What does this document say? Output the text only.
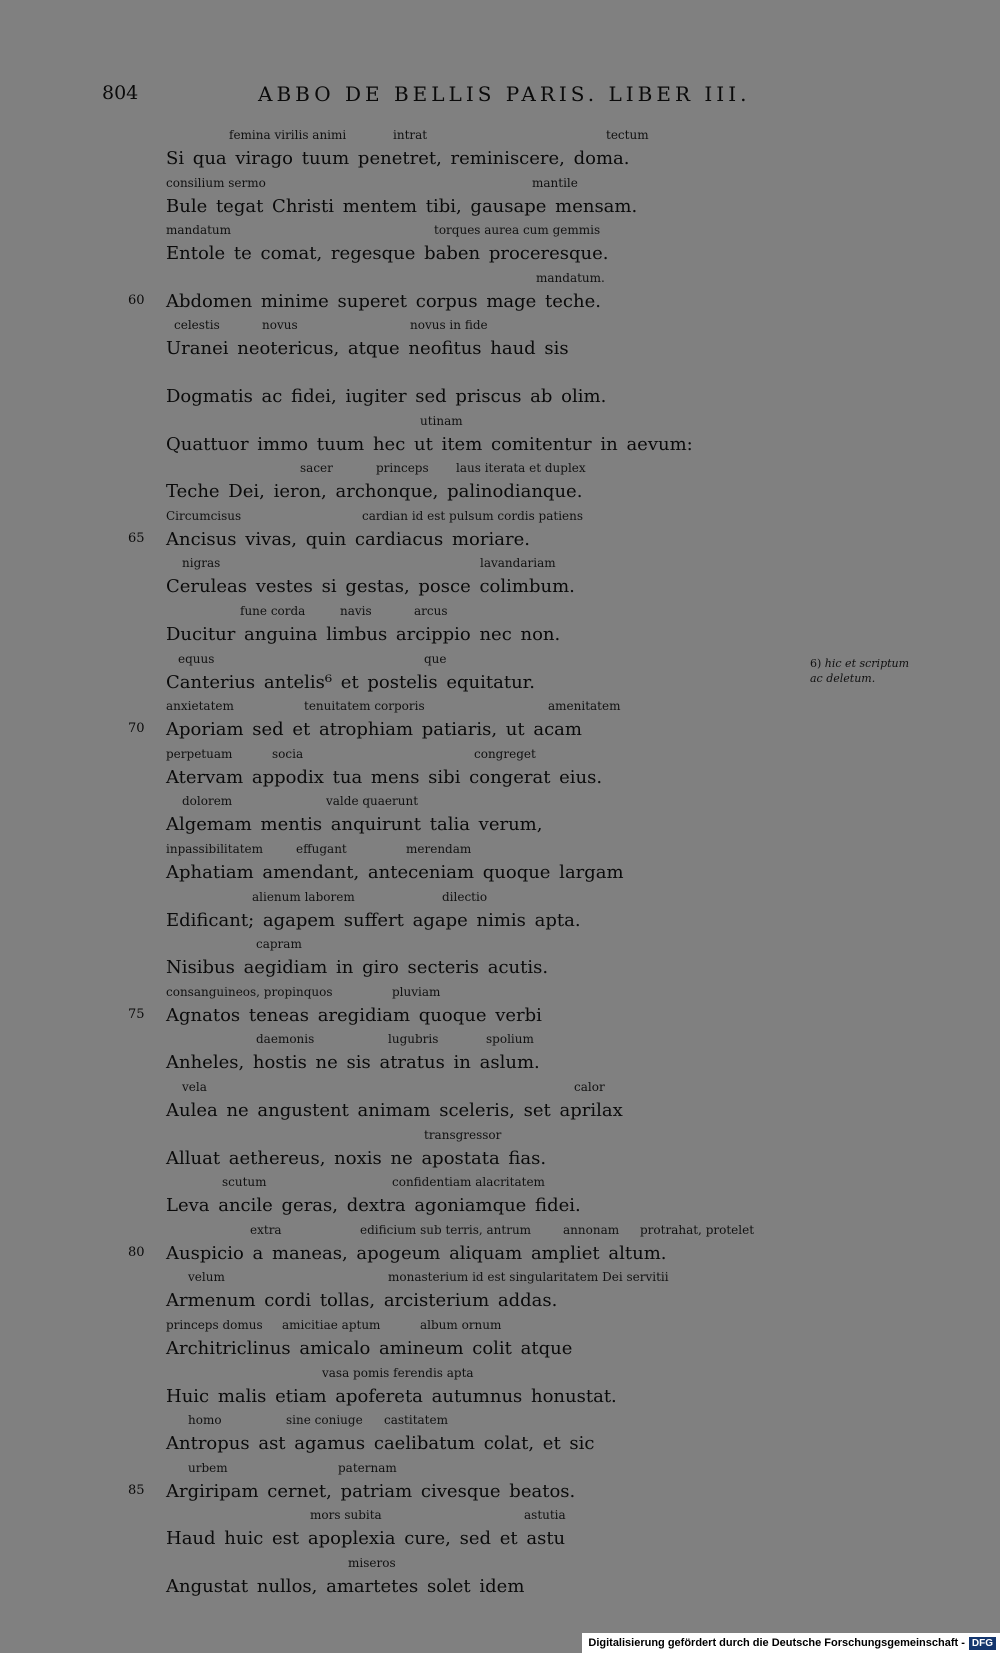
804	ABBO DE BELLIS PARIS. LIBER III.
femina virilis animi	intrat	tectum
Si qua virago tuum penetret, reminiscere, doma.
consilium sermo	mantile
Bule tegat Christi mentem tibi, gausape mensam.
mandatum	torques aurea cum gemmis
Entole te comat, regesque baben proceresque.
mandatum.
60 Abdomen minime superet corpus mage teche.
celestis	novus	novus in fide
Uranei neotericus, atque neofitus haud sis
Dogmatis ac fidei, iugiter sed priscus ab olim.
utinam
Quattuor immo tuum hec ut item comitentur in aevum:
sacer	princeps laus iterata et duplex
Teche Dei, ieron, archonque, palinodianque.
Circumcisus	cardian id est pulsum cordis patiens
65 Ancisus vivas, quin cardiacus moriare.
nigras	lavandariam
Ceruleas vestes si gestas, posce colimbum.
fune corda	navis	arcus
Ducitur anguina limbus arcippio nec non.
equus	que
Canterius antelis⁶ et postelis equitatur.
anxietatem	tenuitatem corporis	amenitatem
70 Aporiam sed et atrophiam patiaris, ut acam
perpetuam	socia	congreget
Atervam appodix tua mens sibi congerat eius.
dolorem	valde quaerunt
Algemam mentis anquirunt talia verum,
inpassibilitatem	effugant	merendam
Aphatiam amendant, anteceniam quoque largam
alienum laborem	dilectio
Edificant; agapem suffert agape nimis apta.
capram
Nisibus aegidiam in giro secteris acutis.
consanguineos, propinquos	pluviam
75 Agnatos teneas aregidiam quoque verbi
daemonis	lugubris	spolium
Anheles, hostis ne sis atratus in aslum.
vela	calor
Aulea ne angustent animam sceleris, set aprilax
transgressor
Alluat aethereus, noxis ne apostata fias.
scutum	confidentiam alacritatem
Leva ancile geras, dextra agoniamque fidei.
extra	edificium sub terris, antrum	annonam protrahat, protelet
80 Auspicio a maneas, apogeum aliquam ampliet altum.
velum	monasterium id est singularitatem Dei servitii
Armenum cordi tollas, arcisterium addas.
princeps domus amicitiae aptum	album ornum
Architriclinus amicalo amineum colit atque
vasa pomis ferendis apta
Huic malis etiam apofereta autumnus honustat.
homo	sine coniuge castitatem
Antropus ast agamus caelibatum colat, et sic
urbem	paternam
85 Argiripam cernet, patriam civesque beatos.
mors subita	astutia
Haud huic est apoplexia cure, sed et astu
miseros
Angustat nullos, amartetes solet idem
6) hic et scriptum ac deletum.
Digitalisierung gefördert durch die Deutsche Forschungsgemeinschaft - DFG
